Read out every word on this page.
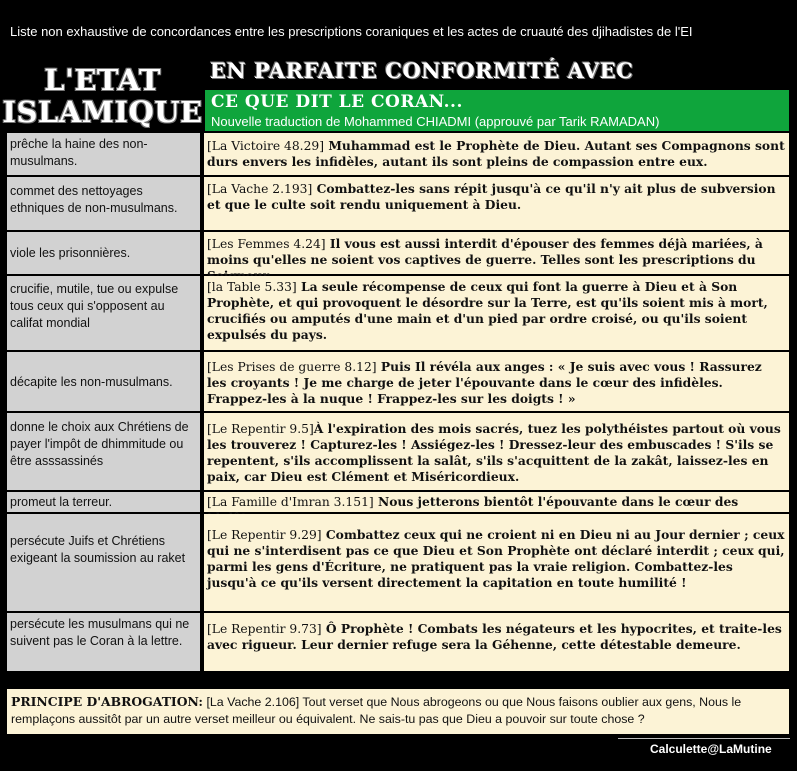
Liste non exhaustive de concordances entre les prescriptions coraniques et les actes de cruauté des djihadistes de l'EI
L'ETAT
ISLAMIQUE
EN PARFAITE CONFORMITÉ AVEC
CE QUE DIT LE CORAN...
Nouvelle traduction de Mohammed CHIADMI (approuvé par Tarik RAMADAN)
prêche la haine des non-musulmans.
[La Victoire 48.29] Muhammad est le Prophète de Dieu. Autant ses Compagnons sont durs envers les infidèles, autant ils sont pleins de compassion entre eux.
commet des nettoyages ethniques de non-musulmans.
[La Vache 2.193] Combattez-les sans répit jusqu'à ce qu'il n'y ait plus de subversion et que le culte soit rendu uniquement à Dieu.
viole les prisonnières.
[Les Femmes 4.24] Il vous est aussi interdit d'épouser des femmes déjà mariées, à moins qu'elles ne soient vos captives de guerre. Telles sont les prescriptions du
crucifie, mutile, tue ou expulse tous ceux qui s'opposent au califat mondial
[la Table 5.33] La seule récompense de ceux qui font la guerre à Dieu et à Son Prophète, et qui provoquent le désordre sur la Terre, est qu'ils soient mis à mort, crucifiés ou amputés d'une main et d'un pied par ordre croisé, ou qu'ils soient expulsés du pays.
décapite les non-musulmans.
[Les Prises de guerre 8.12] Puis Il révéla aux anges : « Je suis avec vous ! Rassurez les croyants ! Je me charge de jeter l'épouvante dans le cœur des infidèles. Frappez-les à la nuque ! Frappez-les sur les doigts ! »
donne le choix aux Chrétiens de payer l'impôt de dhimmitude ou être asssassinés
[Le Repentir 9.5]À l'expiration des mois sacrés, tuez les polythéistes partout où vous les trouverez ! Capturez-les ! Assiégez-les ! Dressez-leur des embuscades ! S'ils se repentent, s'ils accomplissent la salât, s'ils s'acquittent de la zakât, laissez-les en paix, car Dieu est Clément et Miséricordieux.
promeut la terreur.	[La Famille d'Imran 3.151] Nous jetterons bientôt l'épouvante dans le cœur des
persécute Juifs et Chrétiens exigeant la soumission au raket
[Le Repentir 9.29] Combattez ceux qui ne croient ni en Dieu ni au Jour dernier ; ceux qui ne s'interdisent pas ce que Dieu et Son Prophète ont déclaré interdit ; ceux qui, parmi les gens d'Écriture, ne pratiquent pas la vraie religion. Combattez-les jusqu'à ce qu'ils versent directement la capitation en toute humilité !
persécute les musulmans qui ne suivent pas le Coran à la lettre.
[Le Repentir 9.73] Ô Prophète ! Combats les négateurs et les hypocrites, et traite-les avec rigueur. Leur dernier refuge sera la Géhenne, cette détestable demeure.
PRINCIPE D'ABROGATION: [La Vache 2.106] Tout verset que Nous abrogeons ou que Nous faisons oublier aux gens, Nous le remplaçons aussitôt par un autre verset meilleur ou équivalent. Ne sais-tu pas que Dieu a pouvoir sur toute chose ?
Calculette@LaMutine
